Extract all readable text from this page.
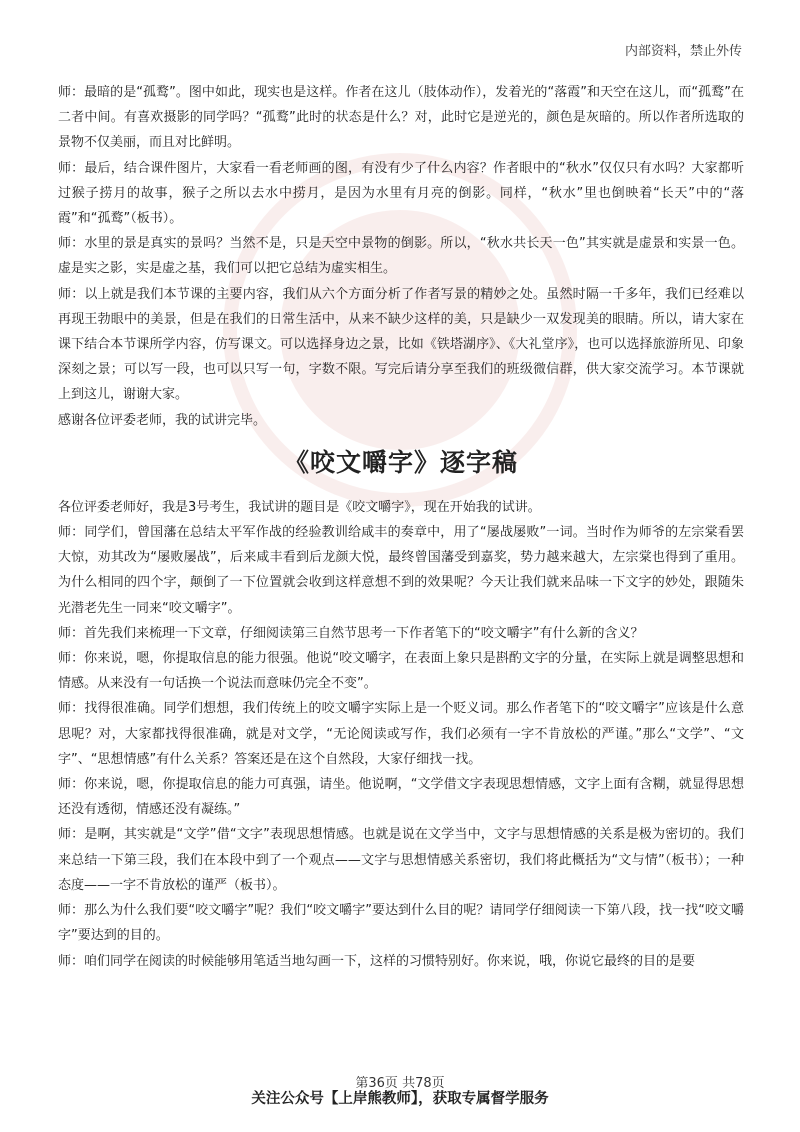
内部资料，禁止外传

师：最暗的是“孤鹜”。图中如此，现实也是这样。作者在这儿（肢体动作），发着光的“落霞”和天空在这儿，而“孤鹜”在二者中间。有喜欢摄影的同学吗？“孤鹜”此时的状态是什么？对，此时它是逆光的，颜色是灰暗的。所以作者所选取的景物不仅美丽，而且对比鲜明。

师：最后，结合课件图片，大家看一看老师画的图，有没有少了什么内容？作者眼中的“秋水”仅仅只有水吗？大家都听过猴子捞月的故事，猴子之所以去水中捞月，是因为水里有月亮的倒影。同样，“秋水”里也倒映着“长天”中的“落霞”和“孤鹜”（板书）。

师：水里的景是真实的景吗？当然不是，只是天空中景物的倒影。所以，“秋水共长天一色”其实就是虚景和实景一色。虚是实之影，实是虚之基，我们可以把它总结为虚实相生。

师：以上就是我们本节课的主要内容，我们从六个方面分析了作者写景的精妙之处。虽然时隔一千多年，我们已经难以再现王勃眼中的美景，但是在我们的日常生活中，从来不缺少这样的美，只是缺少一双发现美的眼睛。所以，请大家在课下结合本节课所学内容，仿写课文。可以选择身边之景，比如《铁塔湖序》、《大礼堂序》，也可以选择旅游所见、印象深刻之景；可以写一段，也可以只写一句，字数不限。写完后请分享至我们的班级微信群，供大家交流学习。本节课就上到这儿，谢谢大家。

感谢各位评委老师，我的试讲完毕。

《咬文嚼字》逐字稿

各位评委老师好，我是3号考生，我试讲的题目是《咬文嚼字》，现在开始我的试讲。

师：同学们，曾国藩在总结太平军作战的经验教训给咸丰的奏章中，用了“屡战屡败”一词。当时作为师爷的左宗棠看罢大惊，劝其改为“屡败屡战”，后来咸丰看到后龙颜大悦，最终曾国藩受到嘉奖，势力越来越大，左宗棠也得到了重用。为什么相同的四个字，颠倒了一下位置就会收到这样意想不到的效果呢？今天让我们就来品味一下文字的妙处，跟随朱光潜老先生一同来“咬文嚼字”。

师：首先我们来梳理一下文章，仔细阅读第三自然节思考一下作者笔下的“咬文嚼字”有什么新的含义？

师：你来说，嗯，你提取信息的能力很强。他说“咬文嚼字，在表面上象只是斟酌文字的分量，在实际上就是调整思想和情感。从来没有一句话换一个说法而意味仍完全不变”。

师：找得很准确。同学们想想，我们传统上的咬文嚼字实际上是一个贬义词。那么作者笔下的“咬文嚼字”应该是什么意思呢？对，大家都找得很准确，就是对文学，“无论阅读或写作，我们必须有一字不肯放松的严谨。”那么“文学”、“文字”、“思想情感”有什么关系？答案还是在这个自然段，大家仔细找一找。

师：你来说，嗯，你提取信息的能力可真强，请坐。他说啊，“文学借文字表现思想情感，文字上面有含糊，就显得思想还没有透彻，情感还没有凝练。”

师：是啊，其实就是“文学”借“文字”表现思想情感。也就是说在文学当中，文字与思想情感的关系是极为密切的。我们来总结一下第三段，我们在本段中到了一个观点——文字与思想情感关系密切，我们将此概括为“文与情”（板书）；一种态度——一字不肯放松的谨严（板书）。

师：那么为什么我们要“咬文嚼字”呢？我们“咬文嚼字”要达到什么目的呢？请同学仔细阅读一下第八段，找一找“咬文嚼字”要达到的目的。

师：咱们同学在阅读的时候能够用笔适当地勾画一下，这样的习惯特别好。你来说，哦，你说它最终的目的是要

第36页 共78页
关注公众号【上岸熊教师】，获取专属督学服务
